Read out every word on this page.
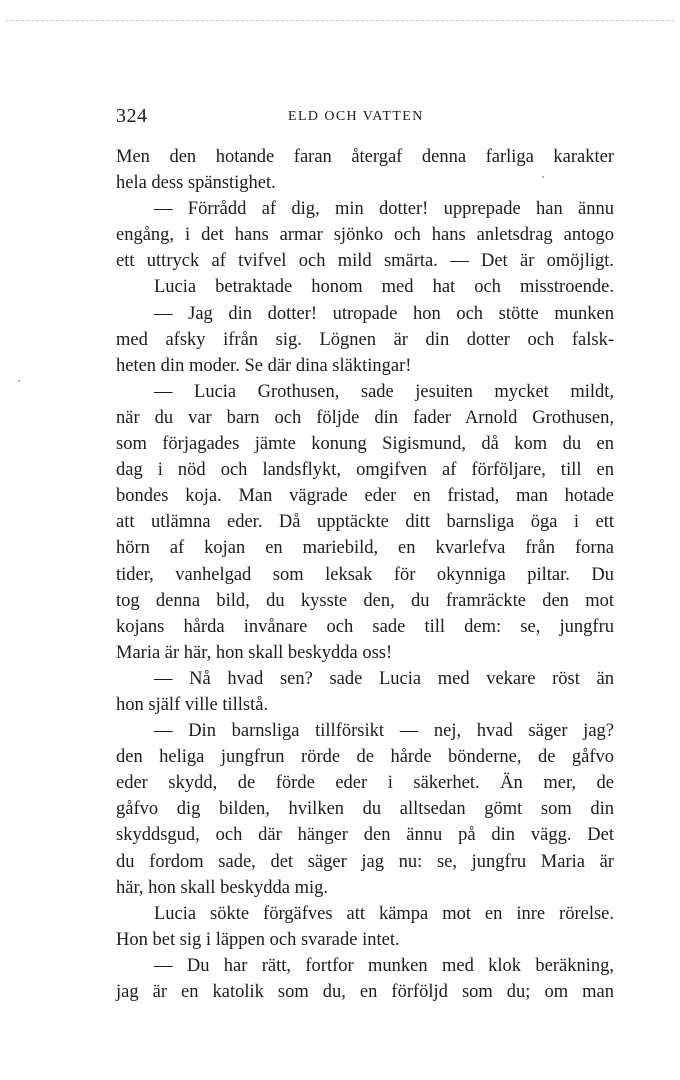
324	ELD OCH VATTEN
Men den hotande faran återgaf denna farliga karakter
hela dess spänstighet.
— Förrådd af dig, min dotter! upprepade han ännu
engång, i det hans armar sjönko och hans anletsdrag antogo
ett uttryck af tvifvel och mild smärta. — Det är omöjligt.
Lucia betraktade honom med hat och misstroende.
— Jag din dotter! utropade hon och stötte munken
med afsky ifrån sig. Lögnen är din dotter och falsk-
heten din moder. Se där dina släktingar!
— Lucia Grothusen, sade jesuiten mycket mildt,
när du var barn och följde din fader Arnold Grothusen,
som förjagades jämte konung Sigismund, då kom du en
dag i nöd och landsflykt, omgifven af förföljare, till en
bondes koja. Man vägrade eder en fristad, man hotade
att utlämna eder. Då upptäckte ditt barnsliga öga i ett
hörn af kojan en mariebild, en kvarlefva från forna
tider, vanhelgad som leksak för okynniga piltar. Du
tog denna bild, du kysste den, du framräckte den mot
kojans hårda invånare och sade till dem: se, jungfru
Maria är här, hon skall beskydda oss!
— Nå hvad sen? sade Lucia med vekare röst än
hon själf ville tillstå.
— Din barnsliga tillförsikt — nej, hvad säger jag?
den heliga jungfrun rörde de hårde bönderne, de gåfvo
eder skydd, de förde eder i säkerhet. Än mer, de
gåfvo dig bilden, hvilken du alltsedan gömt som din
skyddsgud, och där hänger den ännu på din vägg. Det
du fordom sade, det säger jag nu: se, jungfru Maria är
här, hon skall beskydda mig.
Lucia sökte förgäfves att kämpa mot en inre rörelse.
Hon bet sig i läppen och svarade intet.
— Du har rätt, fortfor munken med klok beräkning,
jag är en katolik som du, en förföljd som du; om man
